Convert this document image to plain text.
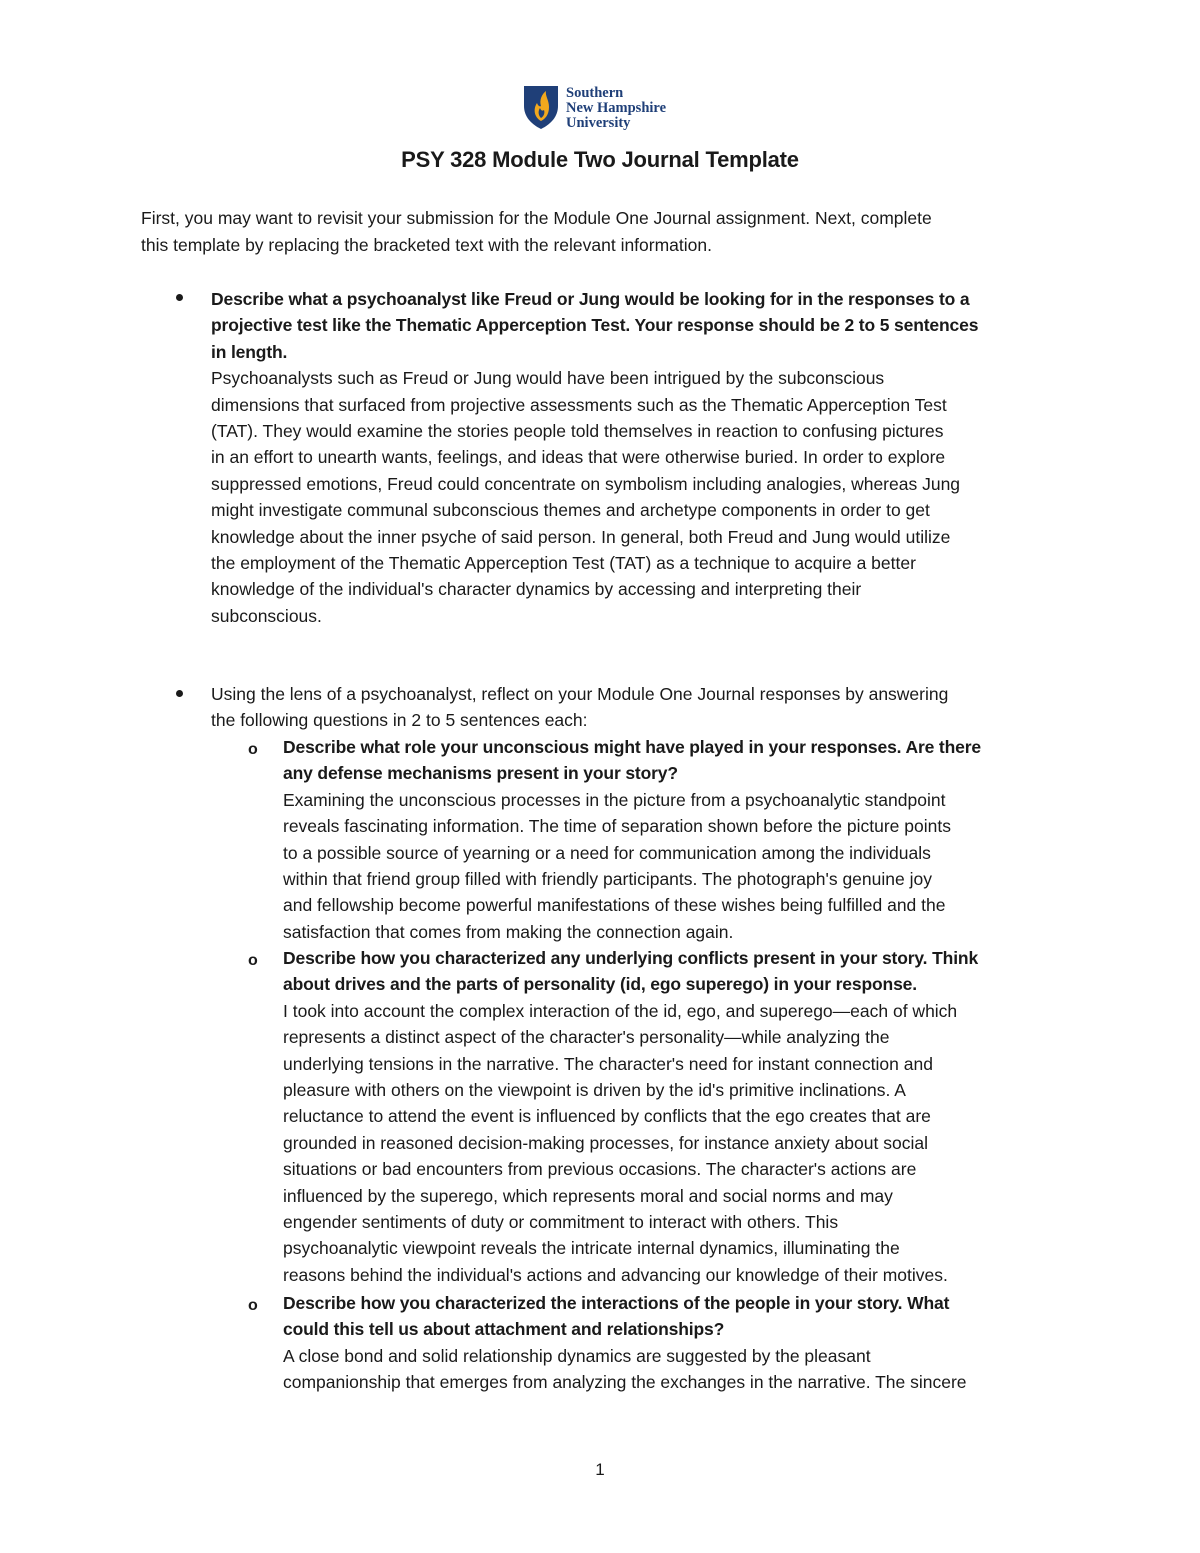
Southern
New Hampshire
University
PSY 328 Module Two Journal Template

First, you may want to revisit your submission for the Module One Journal assignment. Next, complete

this template by replacing the bracketed text with the relevant information.

Describe what a psychoanalyst like Freud or Jung would be looking for in the responses to a

projective test like the Thematic Apperception Test. Your response should be 2 to 5 sentences

in length.

Psychoanalysts such as Freud or Jung would have been intrigued by the subconscious

dimensions that surfaced from projective assessments such as the Thematic Apperception Test

(TAT). They would examine the stories people told themselves in reaction to confusing pictures

in an effort to unearth wants, feelings, and ideas that were otherwise buried. In order to explore

suppressed emotions, Freud could concentrate on symbolism including analogies, whereas Jung

might investigate communal subconscious themes and archetype components in order to get

knowledge about the inner psyche of said person. In general, both Freud and Jung would utilize

the employment of the Thematic Apperception Test (TAT) as a technique to acquire a better

knowledge of the individual's character dynamics by accessing and interpreting their

subconscious.

Using the lens of a psychoanalyst, reflect on your Module One Journal responses by answering

the following questions in 2 to 5 sentences each:

o Describe what role your unconscious might have played in your responses. Are there

any defense mechanisms present in your story?

Examining the unconscious processes in the picture from a psychoanalytic standpoint

reveals fascinating information. The time of separation shown before the picture points

to a possible source of yearning or a need for communication among the individuals

within that friend group filled with friendly participants. The photograph's genuine joy

and fellowship become powerful manifestations of these wishes being fulfilled and the

satisfaction that comes from making the connection again.

o Describe how you characterized any underlying conflicts present in your story. Think

about drives and the parts of personality (id, ego superego) in your response.

I took into account the complex interaction of the id, ego, and superego—each of which

represents a distinct aspect of the character's personality—while analyzing the

underlying tensions in the narrative. The character's need for instant connection and

pleasure with others on the viewpoint is driven by the id's primitive inclinations. A

reluctance to attend the event is influenced by conflicts that the ego creates that are

grounded in reasoned decision-making processes, for instance anxiety about social

situations or bad encounters from previous occasions. The character's actions are

influenced by the superego, which represents moral and social norms and may

engender sentiments of duty or commitment to interact with others. This

psychoanalytic viewpoint reveals the intricate internal dynamics, illuminating the

reasons behind the individual's actions and advancing our knowledge of their motives.

o Describe how you characterized the interactions of the people in your story. What

could this tell us about attachment and relationships?

A close bond and solid relationship dynamics are suggested by the pleasant

companionship that emerges from analyzing the exchanges in the narrative. The sincere

1
